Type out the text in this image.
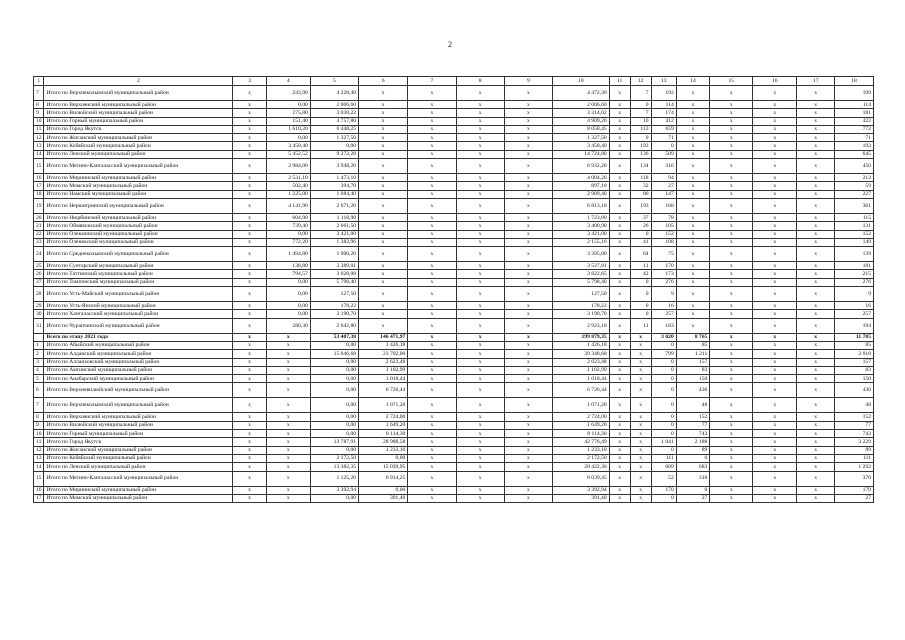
2
1	2	3	4	5	6	7	8	9	10	11	12	13	14	15	16	17	18
7	Итого по Верхнеколымский муниципальный район	х	243,90	4 228,40	х	х	х	х	4 472,30	х	7	192	х	х	х	х	199
8	Итого по Верхоянский муниципальный район	х	0,00	2 006,60	х	х	х	х	2 006,60	х	0	114	х	х	х	х	114
9	Итого по Вилюйский муниципальный район	х	275,80	3 038,22	х	х	х	х	3 314,02	х	7	174	х	х	х	х	181
10	Итого по Горный муниципальный район	х	151,40	4 757,80	х	х	х	х	4 909,20	х	10	412	х	х	х	х	422
11	Итого по Город Якутск	х	1 610,20	6 448,25	х	х	х	х	8 058,45	х	113	659	х	х	х	х	772
12	Итого по Жиганский муниципальный район	х	0,00	1 327,50	х	х	х	х	1 327,50	х	0	71	х	х	х	х	71
13	Итого по Кобяйский муниципальный район	х	3 458,40	0,00	х	х	х	х	3 458,40	х	193	0	х	х	х	х	193
14	Итого по Ленский муниципальный район	х	5 452,52	9 272,28	х	х	х	х	14 724,80	х	136	509	х	х	х	х	645
15	Итого по Мегино-Кангаласский муниципальный район	х	2 984,00	3 948,20	х	х	х	х	6 932,20	х	134	316	х	х	х	х	450
16	Итого по Мирнинский муниципальный район	х	2 531,10	1 473,10	х	х	х	х	4 004,20	х	118	94	х	х	х	х	212
17	Итого по Момский муниципальный район	х	502,40	394,70	х	х	х	х	897,10	х	32	27	х	х	х	х	59
18	Итого по Намский муниципальный район	х	1 225,00	1 684,40	х	х	х	х	2 909,40	х	80	147	х	х	х	х	227
19	Итого по Нерюнгринский муниципальный район	х	4 141,90	2 671,20	х	х	х	х	6 813,10	х	193	168	х	х	х	х	361
20	Итого по Нюрбинский муниципальный район	х	604,90	1 118,90	х	х	х	х	1 723,80	х	37	78	х	х	х	х	115
21	Итого по Оймяконский муниципальный район	х	739,40	2 661,50	х	х	х	х	3 400,90	х	26	105	х	х	х	х	131
22	Итого по Олекминский муниципальный район	х	0,00	3 421,00	х	х	х	х	3 421,00	х	0	152	х	х	х	х	152
23	Итого по Оленекский муниципальный район	х	772,20	1 382,96	х	х	х	х	2 155,16	х	41	108	х	х	х	х	149
24	Итого по Среднеколымский муниципальный район	х	1 494,80	1 900,20	х	х	х	х	3 395,00	х	64	75	х	х	х	х	139
25	Итого по Сунтарский муниципальный район	х	138,80	3 389,01	х	х	х	х	3 527,81	х	11	170	х	х	х	х	181
26	Итого по Таттинский муниципальный район	х	794,57	3 028,08	х	х	х	х	3 822,65	х	42	173	х	х	х	х	215
27	Итого по Томпонский муниципальный район	х	0,00	5 798,40	х	х	х	х	5 798,40	х	0	276	х	х	х	х	276
28	Итого по Усть-Майский муниципальный район	х	0,00	127,50	х	х	х	х	127,50	х	0	9	х	х	х	х	9
29	Итого по Усть-Янский муниципальный район	х	0,00	178,22	х	х	х	х	178,22	х	0	16	х	х	х	х	16
30	Итого по Хангаласский муниципальный район	х	0,00	3 190,70	х	х	х	х	3 190,70	х	0	257	х	х	х	х	257
31	Итого по Чурапчинский муниципальный район	х	280,30	2 642,80	х	х	х	х	2 923,10	х	11	183	х	х	х	х	194
	Всего по этапу 2021 года	х	х	53 407,38	146 471,97	х	х	х	199 879,35	х	х	3 020	8 765	х	х	х	11 785
1	Итого по Абыйский муниципальный район	х	х	0,00	1 426,18	х	х	х	1 426,18	х	х	0	85	х	х	х	85
2	Итого по Алданский муниципальный район	х	х	15 646,68	23 702,00	х	х	х	39 348,68	х	х	799	1 211	х	х	х	2 010
3	Итого по Аллаиховский муниципальный район	х	х	0,00	2 623,48	х	х	х	2 623,48	х	х	0	157	х	х	х	157
4	Итого по Амгинский муниципальный район	х	х	0,00	1 102,99	х	х	х	1 102,99	х	х	0	83	х	х	х	83
5	Итого по Анабарский муниципальный район	х	х	0,00	1 018,44	х	х	х	1 018,44	х	х	0	150	х	х	х	150
6	Итого по Верхневилюйский муниципальный район	х	х	0,00	6 726,44	х	х	х	6 726,44	х	х	0	430	х	х	х	430
7	Итого по Верхнеколымский муниципальный район	х	х	0,00	1 071,20	х	х	х	1 071,20	х	х	0	48	х	х	х	48
8	Итого по Верхоянский муниципальный район	х	х	0,00	2 724,00	х	х	х	2 724,00	х	х	0	152	х	х	х	152
9	Итого по Вилюйский муниципальный район	х	х	0,00	1 649,20	х	х	х	1 649,20	х	х	0	77	х	х	х	77
10	Итого по Горный муниципальный район	х	х	0,00	8 114,30	х	х	х	8 114,30	х	х	0	743	х	х	х	743
11	Итого по Город Якутск	х	х	13 787,91	28 988,58	х	х	х	42 776,49	х	х	1 041	2 188	х	х	х	3 229
12	Итого по Жиганский муниципальный район	х	х	0,00	1 233,10	х	х	х	1 233,10	х	х	0	89	х	х	х	89
13	Итого по Кобяйский муниципальный район	х	х	2 172,50	0,00	х	х	х	2 172,50	х	х	111	0	х	х	х	111
14	Итого по Ленский муниципальный район	х	х	13 382,35	15 039,95	х	х	х	28 422,30	х	х	609	683	х	х	х	1 292
15	Итого по Мегино-Кангаласский муниципальный район	х	х	1 125,20	6 914,25	х	х	х	8 039,45	х	х	52	318	х	х	х	370
16	Итого по Мирнинский муниципальный район	х	х	3 392,94	0,00	х	х	х	3 392,94	х	х	170	0	х	х	х	170
17	Итого по Момский муниципальный район	х	х	0,00	391,40	х	х	х	391,40	х	х	0	27	х	х	х	27
